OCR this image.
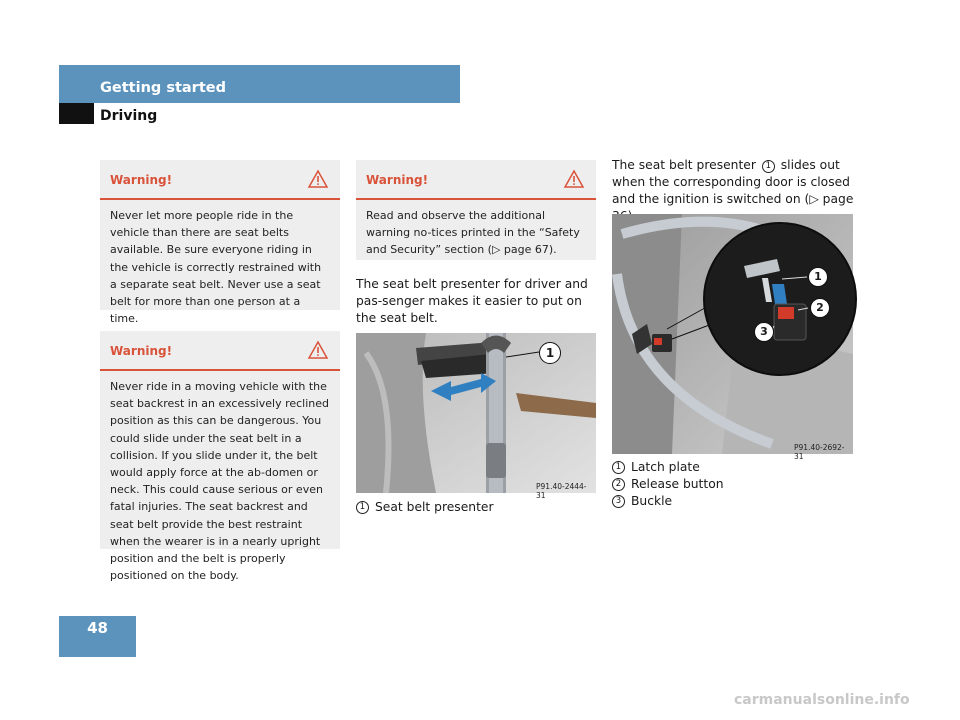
Getting started
Driving
Warning!
Never let more people ride in the vehicle than there are seat belts available. Be sure everyone riding in the vehicle is correctly restrained with a separate seat belt. Never use a seat belt for more than one person at a time.
Warning!
Never ride in a moving vehicle with the seat backrest in an excessively reclined position as this can be dangerous. You could slide under the seat belt in a collision. If you slide under it, the belt would apply force at the ab-domen or neck. This could cause serious or even fatal injuries. The seat backrest and seat belt provide the best restraint when the wearer is in a nearly upright position and the belt is properly positioned on the body.
Warning!
Read and observe the additional warning no-tices printed in the “Safety and Security” section (▷ page 67).
The seat belt presenter for driver and pas-senger makes it easier to put on the seat belt.
1
P91.40-2444-31
1 Seat belt presenter
The seat belt presenter 1 slides out when the corresponding door is closed and the ignition is switched on (▷ page
1
2
3
P91.40-2692-31
1 Latch plate
2 Release button
3 Buckle
48
carmanualsonline.info
